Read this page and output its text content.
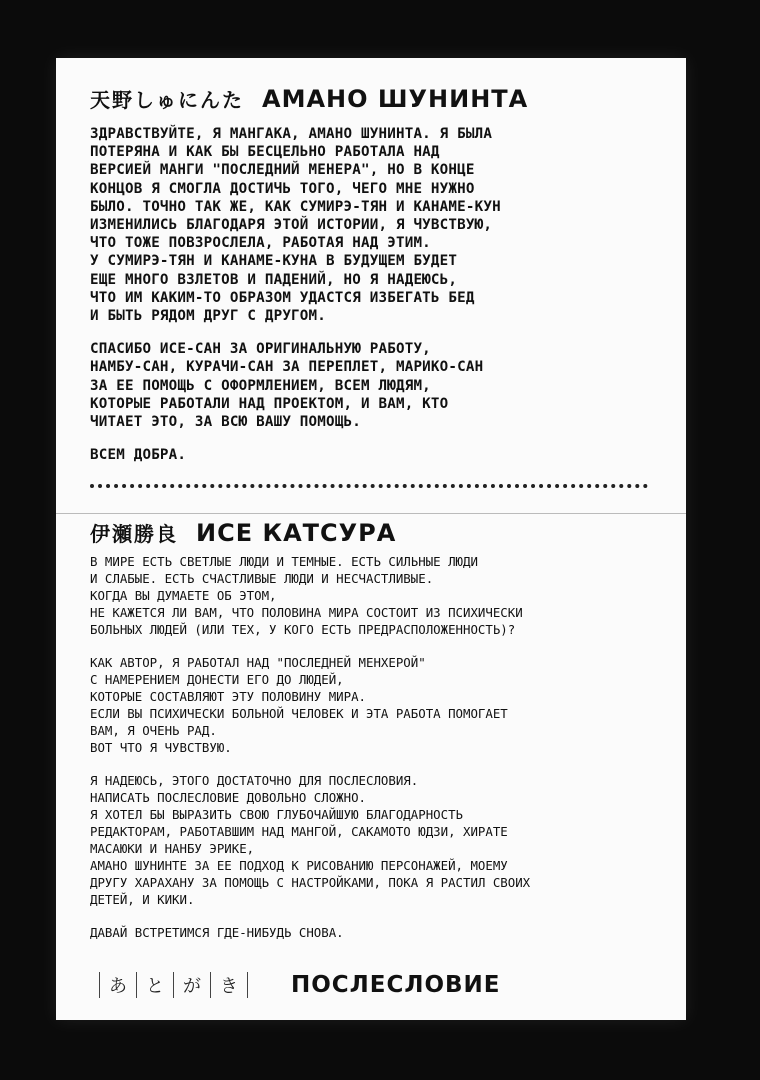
天野しゅにんた АМАНО ШУНИНТА

ЗДРАВСТВУЙТЕ, Я МАНГАКА, АМАНО ШУНИНТА. Я БЫЛА
ПОТЕРЯНА И КАК БЫ БЕСЦЕЛЬНО РАБОТАЛА НАД
ВЕРСИЕЙ МАНГИ "ПОСЛЕДНИЙ МЕНЕРА", НО В КОНЦЕ
КОНЦОВ Я СМОГЛА ДОСТИЧЬ ТОГО, ЧЕГО МНЕ НУЖНО
БЫЛО. ТОЧНО ТАК ЖЕ, КАК СУМИРЭ-ТЯН И КАНАМЕ-КУН
ИЗМЕНИЛИСЬ БЛАГОДАРЯ ЭТОЙ ИСТОРИИ, Я ЧУВСТВУЮ,
ЧТО ТОЖЕ ПОВЗРОСЛЕЛА, РАБОТАЯ НАД ЭТИМ.
У СУМИРЭ-ТЯН И КАНАМЕ-КУНА В БУДУЩЕМ БУДЕТ
ЕЩЕ МНОГО ВЗЛЕТОВ И ПАДЕНИЙ, НО Я НАДЕЮСЬ,
ЧТО ИМ КАКИМ-ТО ОБРАЗОМ УДАСТСЯ ИЗБЕГАТЬ БЕД
И БЫТЬ РЯДОМ ДРУГ С ДРУГОМ.

СПАСИБО ИСЕ-САН ЗА ОРИГИНАЛЬНУЮ РАБОТУ,
НАМБУ-САН, КУРАЧИ-САН ЗА ПЕРЕПЛЕТ, МАРИКО-САН
ЗА ЕЕ ПОМОЩЬ С ОФОРМЛЕНИЕМ, ВСЕМ ЛЮДЯМ,
КОТОРЫЕ РАБОТАЛИ НАД ПРОЕКТОМ, И ВАМ, КТО
ЧИТАЕТ ЭТО, ЗА ВСЮ ВАШУ ПОМОЩЬ.

ВСЕМ ДОБРА.

伊瀬勝良 ИСЕ КАТСУРА

В МИРЕ ЕСТЬ СВЕТЛЫЕ ЛЮДИ И ТЕМНЫЕ. ЕСТЬ СИЛЬНЫЕ ЛЮДИ
И СЛАБЫЕ. ЕСТЬ СЧАСТЛИВЫЕ ЛЮДИ И НЕСЧАСТЛИВЫЕ.
КОГДА ВЫ ДУМАЕТЕ ОБ ЭТОМ,
НЕ КАЖЕТСЯ ЛИ ВАМ, ЧТО ПОЛОВИНА МИРА СОСТОИТ ИЗ ПСИХИЧЕСКИ
БОЛЬНЫХ ЛЮДЕЙ (ИЛИ ТЕХ, У КОГО ЕСТЬ ПРЕДРАСПОЛОЖЕННОСТЬ)?

КАК АВТОР, Я РАБОТАЛ НАД "ПОСЛЕДНЕЙ МЕНХЕРОЙ"
С НАМЕРЕНИЕМ ДОНЕСТИ ЕГО ДО ЛЮДЕЙ,
КОТОРЫЕ СОСТАВЛЯЮТ ЭТУ ПОЛОВИНУ МИРА.
ЕСЛИ ВЫ ПСИХИЧЕСКИ БОЛЬНОЙ ЧЕЛОВЕК И ЭТА РАБОТА ПОМОГАЕТ
ВАМ, Я ОЧЕНЬ РАД.
ВОТ ЧТО Я ЧУВСТВУЮ.

Я НАДЕЮСЬ, ЭТОГО ДОСТАТОЧНО ДЛЯ ПОСЛЕСЛОВИЯ.
НАПИСАТЬ ПОСЛЕСЛОВИЕ ДОВОЛЬНО СЛОЖНО.
Я ХОТЕЛ БЫ ВЫРАЗИТЬ СВОЮ ГЛУБОЧАЙШУЮ БЛАГОДАРНОСТЬ
РЕДАКТОРАМ, РАБОТАВШИМ НАД МАНГОЙ, САКАМОТО ЮДЗИ, ХИРАТЕ
МАСАЮКИ И НАНБУ ЭРИКЕ,
АМАНО ШУНИНТЕ ЗА ЕЕ ПОДХОД К РИСОВАНИЮ ПЕРСОНАЖЕЙ, МОЕМУ
ДРУГУ ХАРАХАНУ ЗА ПОМОЩЬ С НАСТРОЙКАМИ, ПОКА Я РАСТИЛ СВОИХ
ДЕТЕЙ, И КИКИ.

ДАВАЙ ВСТРЕТИМСЯ ГДЕ-НИБУДЬ СНОВА.

あ と が き ПОСЛЕСЛОВИЕ
